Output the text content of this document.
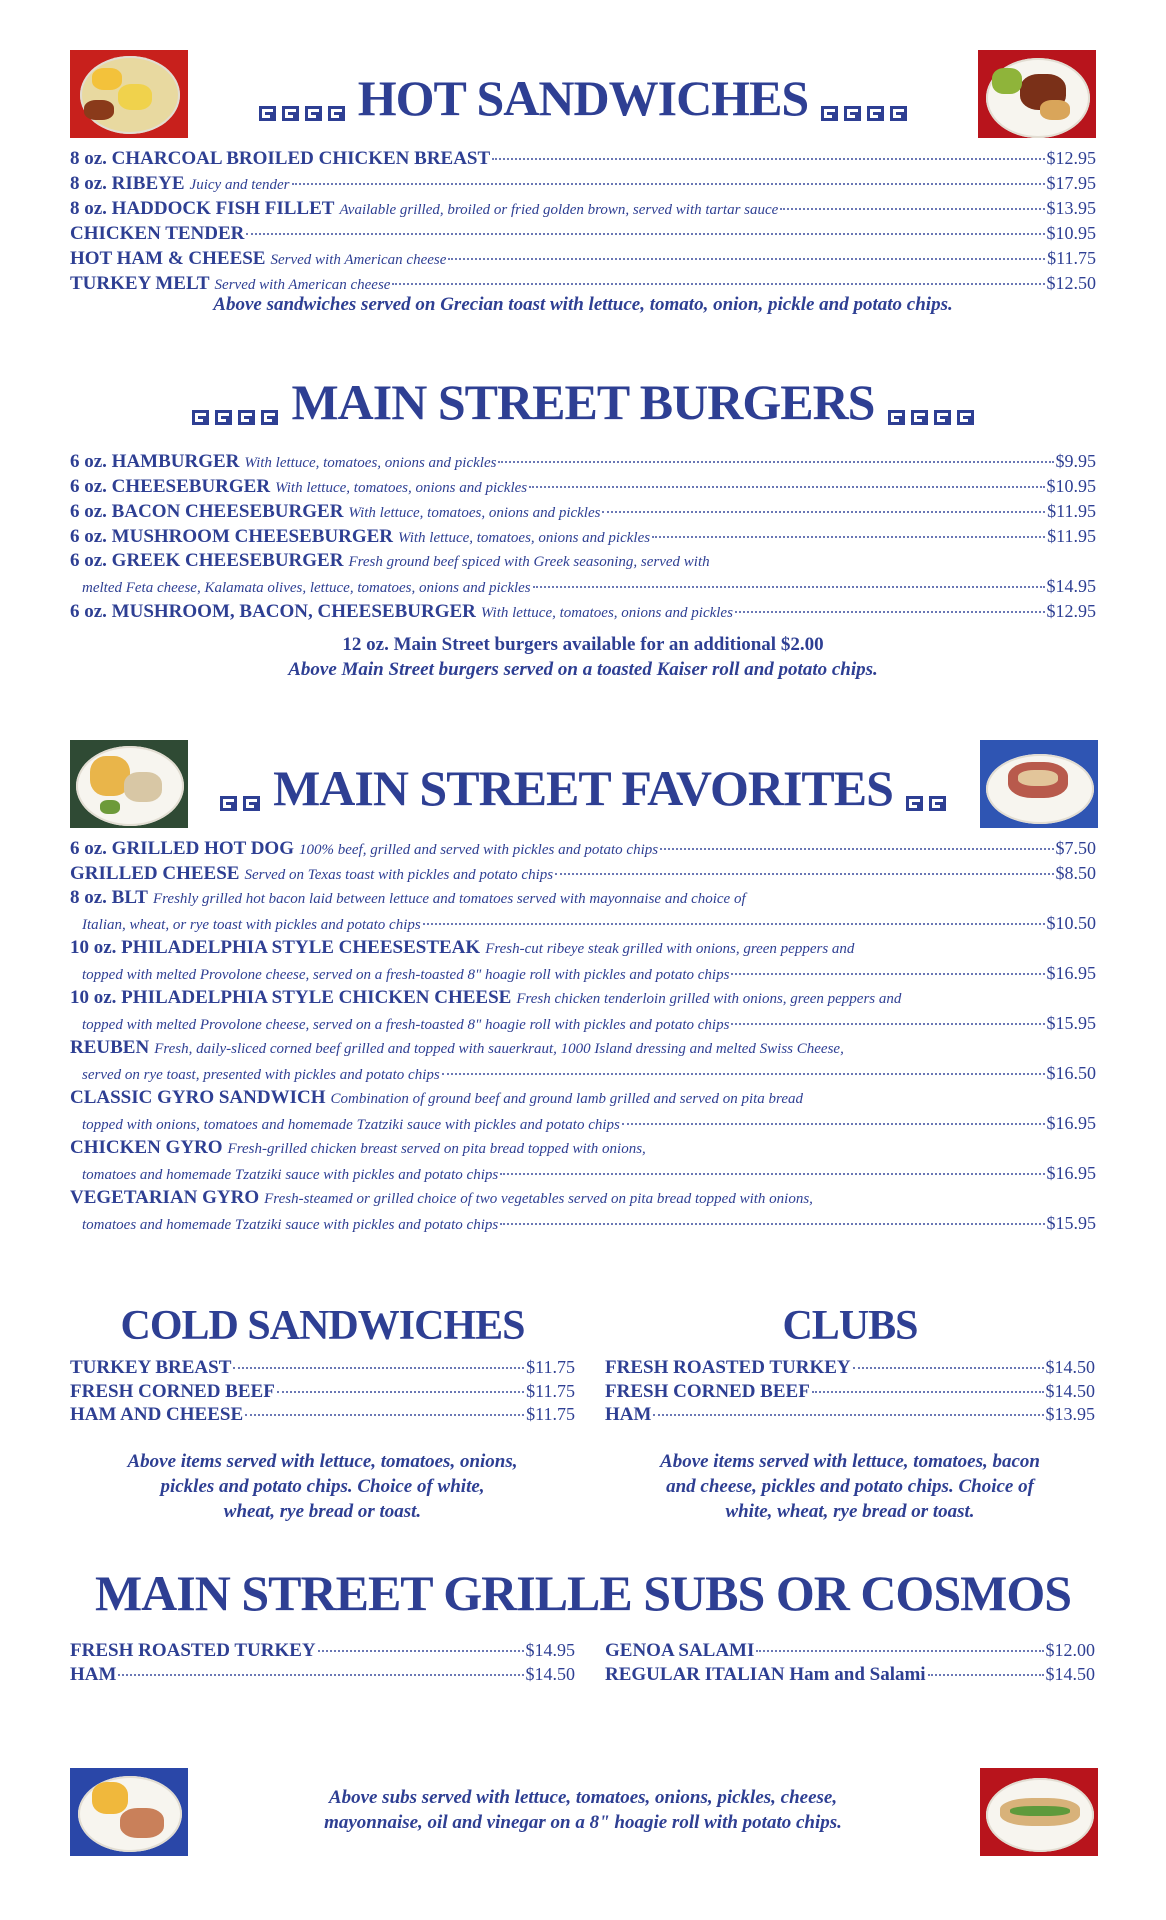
HOT SANDWICHES
8 oz. CHARCOAL BROILED CHICKEN BREAST	$12.95
8 oz. RIBEYE Juicy and tender	$17.95
8 oz. HADDOCK FISH FILLET Available grilled, broiled or fried golden brown, served with tartar sauce	$13.95
CHICKEN TENDER	$10.95
HOT HAM & CHEESE Served with American cheese	$11.75
TURKEY MELT Served with American cheese	$12.50
Above sandwiches served on Grecian toast with lettuce, tomato, onion, pickle and potato chips.
MAIN STREET BURGERS
6 oz. HAMBURGER With lettuce, tomatoes, onions and pickles	$9.95
6 oz. CHEESEBURGER With lettuce, tomatoes, onions and pickles	$10.95
6 oz. BACON CHEESEBURGER With lettuce, tomatoes, onions and pickles	$11.95
6 oz. MUSHROOM CHEESEBURGER With lettuce, tomatoes, onions and pickles	$11.95
6 oz. GREEK CHEESEBURGER Fresh ground beef spiced with Greek seasoning, served with
melted Feta cheese, Kalamata olives, lettuce, tomatoes, onions and pickles	$14.95
6 oz. MUSHROOM, BACON, CHEESEBURGER With lettuce, tomatoes, onions and pickles	$12.95
12 oz. Main Street burgers available for an additional $2.00
Above Main Street burgers served on a toasted Kaiser roll and potato chips.
MAIN STREET FAVORITES
6 oz. GRILLED HOT DOG 100% beef, grilled and served with pickles and potato chips	$7.50
GRILLED CHEESE Served on Texas toast with pickles and potato chips	$8.50
8 oz. BLT Freshly grilled hot bacon laid between lettuce and tomatoes served with mayonnaise and choice of
Italian, wheat, or rye toast with pickles and potato chips	$10.50
10 oz. PHILADELPHIA STYLE CHEESESTEAK Fresh-cut ribeye steak grilled with onions, green peppers and
topped with melted Provolone cheese, served on a fresh-toasted 8" hoagie roll with pickles and potato chips	$16.95
10 oz. PHILADELPHIA STYLE CHICKEN CHEESE Fresh chicken tenderloin grilled with onions, green peppers and
topped with melted Provolone cheese, served on a fresh-toasted 8" hoagie roll with pickles and potato chips	$15.95
REUBEN Fresh, daily-sliced corned beef grilled and topped with sauerkraut, 1000 Island dressing and melted Swiss Cheese,
served on rye toast, presented with pickles and potato chips	$16.50
CLASSIC GYRO SANDWICH Combination of ground beef and ground lamb grilled and served on pita bread
topped with onions, tomatoes and homemade Tzatziki sauce with pickles and potato chips	$16.95
CHICKEN GYRO Fresh-grilled chicken breast served on pita bread topped with onions,
tomatoes and homemade Tzatziki sauce with pickles and potato chips	$16.95
VEGETARIAN GYRO Fresh-steamed or grilled choice of two vegetables served on pita bread topped with onions,
tomatoes and homemade Tzatziki sauce with pickles and potato chips	$15.95
COLD SANDWICHES	CLUBS
TURKEY BREAST	$11.75
FRESH CORNED BEEF	$11.75
HAM AND CHEESE	$11.75
FRESH ROASTED TURKEY	$14.50
FRESH CORNED BEEF	$14.50
HAM	$13.95
Above items served with lettuce, tomatoes, onions,
pickles and potato chips. Choice of white,
wheat, rye bread or toast.
Above items served with lettuce, tomatoes, bacon
and cheese, pickles and potato chips. Choice of
white, wheat, rye bread or toast.
MAIN STREET GRILLE SUBS OR COSMOS
FRESH ROASTED TURKEY	$14.95
HAM	$14.50
GENOA SALAMI	$12.00
REGULAR ITALIAN Ham and Salami	$14.50
Above subs served with lettuce, tomatoes, onions, pickles, cheese,
mayonnaise, oil and vinegar on a 8" hoagie roll with potato chips.
